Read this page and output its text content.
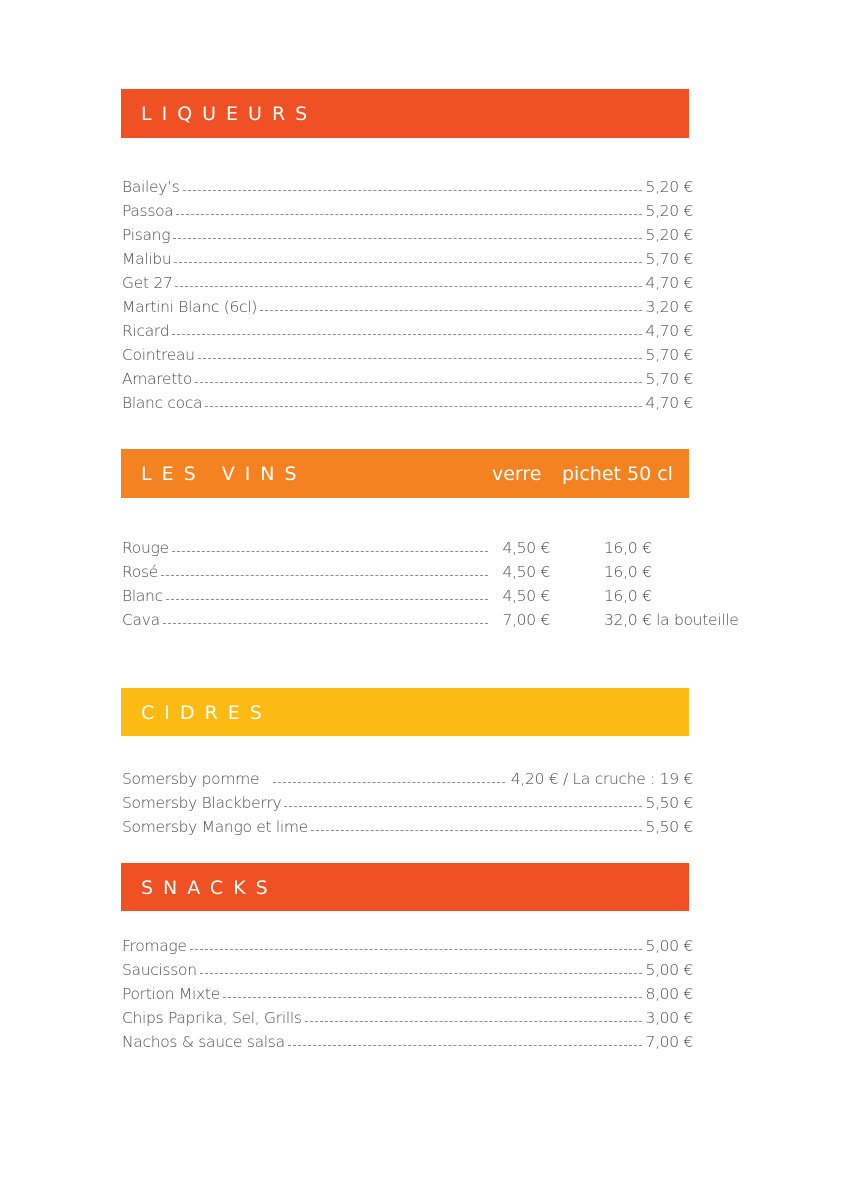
LIQUEURS
Bailey’s	5,20 €
Passoa	5,20 €
Pisang	5,20 €
Malibu	5,70 €
Get 27	4,70 €
Martini Blanc (6cl)	3,20 €
Ricard	4,70 €
Cointreau	5,70 €
Amaretto	5,70 €
Blanc coca	4,70 €
LES VINS	verre pichet 50 cl
Rouge	4,50 €	16,0 €
Rosé	4,50 €	16,0 €
Blanc	4,50 €	16,0 €
Cava	7,00 €	32,0 € la bouteille
CIDRES
Somersby pomme	4,20 € / La cruche : 19 €
Somersby Blackberry	5,50 €
Somersby Mango et lime	5,50 €
SNACKS
Fromage	5,00 €
Saucisson	5,00 €
Portion Mixte	8,00 €
Chips Paprika, Sel, Grills	3,00 €
Nachos & sauce salsa	7,00 €
